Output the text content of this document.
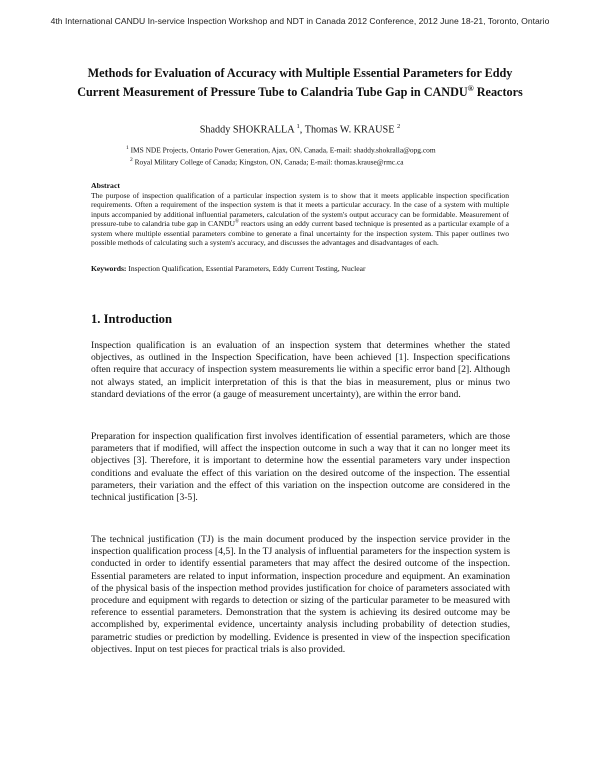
4th International CANDU In-service Inspection Workshop and NDT in Canada 2012 Conference, 2012 June 18-21, Toronto, Ontario
Methods for Evaluation of Accuracy with Multiple Essential Parameters for Eddy Current Measurement of Pressure Tube to Calandria Tube Gap in CANDU® Reactors
Shaddy SHOKRALLA $^1$, Thomas W. KRAUSE $^2$
$^1$ IMS NDE Projects, Ontario Power Generation, Ajax, ON, Canada, E-mail: shaddy.shokralla@opg.com
$^2$ Royal Military College of Canada; Kingston, ON, Canada; E-mail: thomas.krause@rmc.ca
Abstract
The purpose of inspection qualification of a particular inspection system is to show that it meets applicable inspection specification requirements. Often a requirement of the inspection system is that it meets a particular accuracy. In the case of a system with multiple inputs accompanied by additional influential parameters, calculation of the system's output accuracy can be formidable. Measurement of pressure-tube to calandria tube gap in CANDU® reactors using an eddy current based technique is presented as a particular example of a system where multiple essential parameters combine to generate a final uncertainty for the inspection system. This paper outlines two possible methods of calculating such a system's accuracy, and discusses the advantages and disadvantages of each.
Keywords: Inspection Qualification, Essential Parameters, Eddy Current Testing, Nuclear
1. Introduction

Inspection qualification is an evaluation of an inspection system that determines whether the stated objectives, as outlined in the Inspection Specification, have been achieved [1]. Inspection specifications often require that accuracy of inspection system measurements lie within a specific error band [2]. Although not always stated, an implicit interpretation of this is that the bias in measurement, plus or minus two standard deviations of the error (a gauge of measurement uncertainty), are within the error band.

Preparation for inspection qualification first involves identification of essential parameters, which are those parameters that if modified, will affect the inspection outcome in such a way that it can no longer meet its objectives [3]. Therefore, it is important to determine how the essential parameters vary under inspection conditions and evaluate the effect of this variation on the desired outcome of the inspection. The essential parameters, their variation and the effect of this variation on the inspection outcome are considered in the technical justification [3-5].

The technical justification (TJ) is the main document produced by the inspection service provider in the inspection qualification process [4,5]. In the TJ analysis of influential parameters for the inspection system is conducted in order to identify essential parameters that may affect the desired outcome of the inspection. Essential parameters are related to input information, inspection procedure and equipment. An examination of the physical basis of the inspection method provides justification for choice of parameters associated with procedure and equipment with regards to detection or sizing of the particular parameter to be measured with reference to essential parameters. Demonstration that the system is achieving its desired outcome may be accomplished by, experimental evidence, uncertainty analysis including probability of detection studies, parametric studies or prediction by modelling. Evidence is presented in view of the inspection specification objectives. Input on test pieces for practical trials is also provided.
